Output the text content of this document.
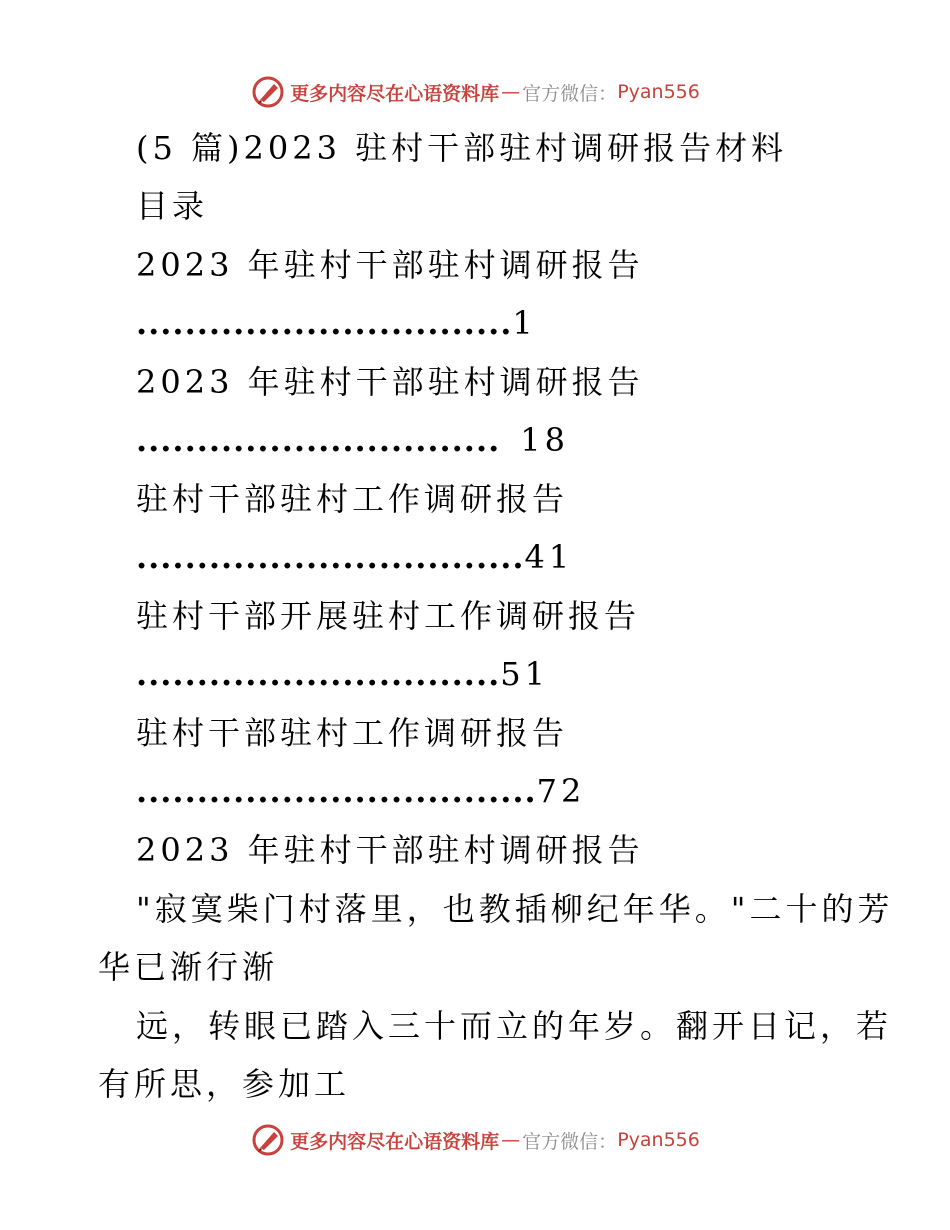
更多内容尽在心语资料库 — 官方微信： Pyan556
(5 篇)2023 驻村干部驻村调研报告材料
目录
2023 年驻村干部驻村调研报告
...............................1
2023 年驻村干部驻村调研报告
.............................. 18
驻村干部驻村工作调研报告
................................41
驻村干部开展驻村工作调研报告
..............................51
驻村干部驻村工作调研报告
.................................72
2023 年驻村干部驻村调研报告
"寂寞柴门村落里，也教插柳纪年华。"二十的芳
华已渐行渐
远，转眼已踏入三十而立的年岁。翻开日记，若
有所思，参加工
更多内容尽在心语资料库 — 官方微信： Pyan556
